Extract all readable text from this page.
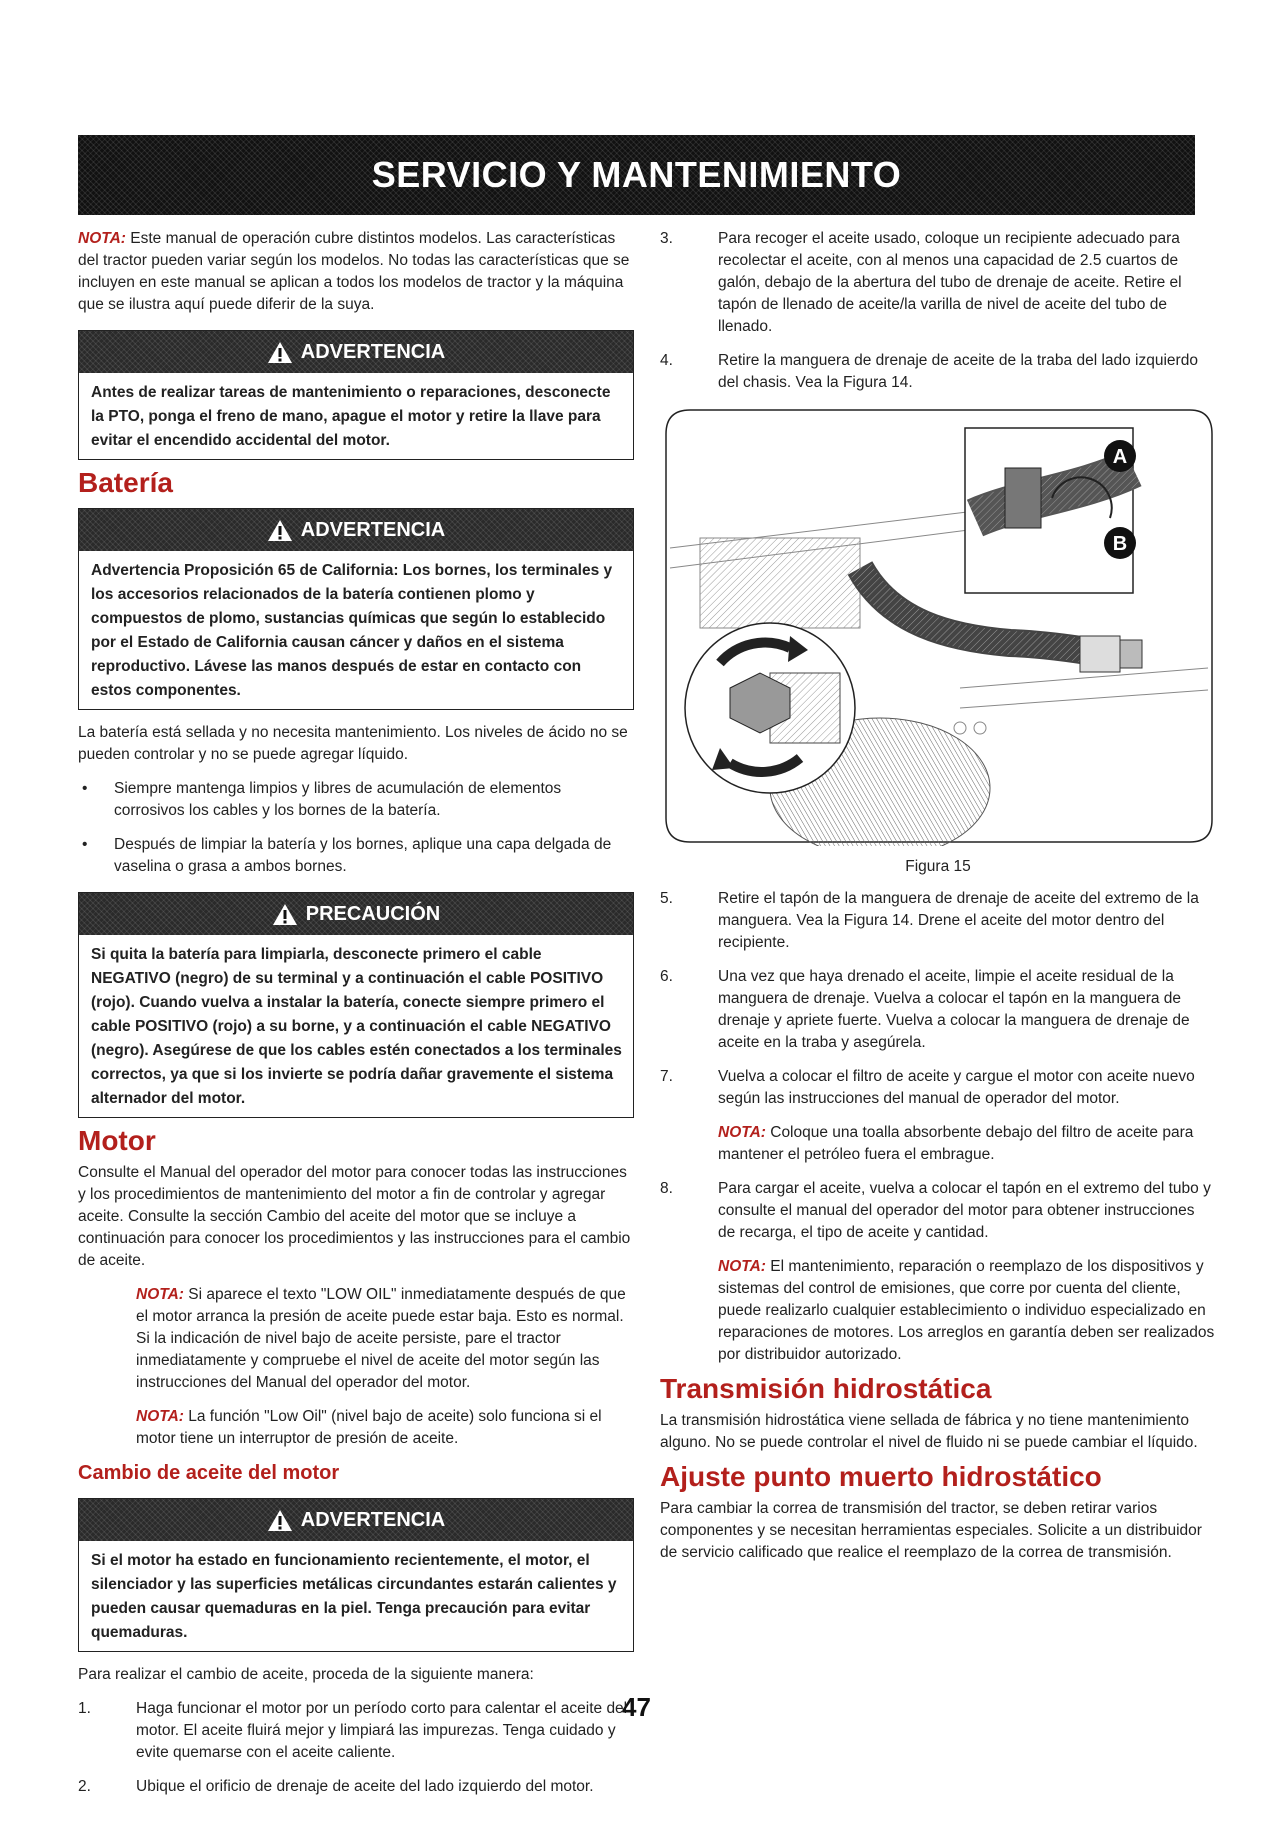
SERVICIO Y MANTENIMIENTO

NOTA: Este manual de operación cubre distintos modelos. Las características del tractor pueden variar según los modelos. No todas las características que se incluyen en este manual se aplican a todos los modelos de tractor y la máquina que se ilustra aquí puede diferir de la suya.

ADVERTENCIA
Antes de realizar tareas de mantenimiento o reparaciones, desconecte la PTO, ponga el freno de mano, apague el motor y retire la llave para evitar el encendido accidental del motor.
Batería
ADVERTENCIA
Advertencia Proposición 65 de California: Los bornes, los terminales y los accesorios relacionados de la batería contienen plomo y compuestos de plomo, sustancias químicas que según lo establecido por el Estado de California causan cáncer y daños en el sistema reproductivo. Lávese las manos después de estar en contacto con estos componentes.

La batería está sellada y no necesita mantenimiento. Los niveles de ácido no se pueden controlar y no se puede agregar líquido.

• Siempre mantenga limpios y libres de acumulación de elementos corrosivos los cables y los bornes de la batería.
• Después de limpiar la batería y los bornes, aplique una capa delgada de vaselina o grasa a ambos bornes.
PRECAUCIÓN
Si quita la batería para limpiarla, desconecte primero el cable NEGATIVO (negro) de su terminal y a continuación el cable POSITIVO (rojo). Cuando vuelva a instalar la batería, conecte siempre primero el cable POSITIVO (rojo) a su borne, y a continuación el cable NEGATIVO (negro). Asegúrese de que los cables estén conectados a los terminales correctos, ya que si los invierte se podría dañar gravemente el sistema alternador del motor.
Motor

Consulte el Manual del operador del motor para conocer todas las instrucciones y los procedimientos de mantenimiento del motor a fin de controlar y agregar aceite. Consulte la sección Cambio del aceite del motor que se incluye a continuación para conocer los procedimientos y las instrucciones para el cambio de aceite.

NOTA: Si aparece el texto "LOW OIL" inmediatamente después de que el motor arranca la presión de aceite puede estar baja. Esto es normal. Si la indicación de nivel bajo de aceite persiste, pare el tractor inmediatamente y compruebe el nivel de aceite del motor según las instrucciones del Manual del operador del motor.

NOTA: La función "Low Oil" (nivel bajo de aceite) solo funciona si el motor tiene un interruptor de presión de aceite.

Cambio de aceite del motor
ADVERTENCIA
Si el motor ha estado en funcionamiento recientemente, el motor, el silenciador y las superficies metálicas circundantes estarán calientes y pueden causar quemaduras en la piel. Tenga precaución para evitar quemaduras.

Para realizar el cambio de aceite, proceda de la siguiente manera:

1.	Haga funcionar el motor por un período corto para calentar el aceite del motor. El aceite fluirá mejor y limpiará las impurezas. Tenga cuidado y evite quemarse con el aceite caliente.
2.	Ubique el orificio de drenaje de aceite del lado izquierdo del motor.
3.	Para recoger el aceite usado, coloque un recipiente adecuado para recolectar el aceite, con al menos una capacidad de 2.5 cuartos de galón, debajo de la abertura del tubo de drenaje de aceite. Retire el tapón de llenado de aceite/la varilla de nivel de aceite del tubo de llenado.
4.	Retire la manguera de drenaje de aceite de la traba del lado izquierdo del chasis. Vea la Figura 14.
A
B
Figura 15
5.	Retire el tapón de la manguera de drenaje de aceite del extremo de la manguera. Vea la Figura 14. Drene el aceite del motor dentro del recipiente.
6.	Una vez que haya drenado el aceite, limpie el aceite residual de la manguera de drenaje. Vuelva a colocar el tapón en la manguera de drenaje y apriete fuerte. Vuelva a colocar la manguera de drenaje de aceite en la traba y asegúrela.
7.	Vuelva a colocar el filtro de aceite y cargue el motor con aceite nuevo según las instrucciones del manual de operador del motor.

NOTA: Coloque una toalla absorbente debajo del filtro de aceite para mantener el petróleo fuera el embrague.

8.	Para cargar el aceite, vuelva a colocar el tapón en el extremo del tubo y consulte el manual del operador del motor para obtener instrucciones de recarga, el tipo de aceite y cantidad.

NOTA: El mantenimiento, reparación o reemplazo de los dispositivos y sistemas del control de emisiones, que corre por cuenta del cliente, puede realizarlo cualquier establecimiento o individuo especializado en reparaciones de motores. Los arreglos en garantía deben ser realizados por distribuidor autorizado.

Transmisión hidrostática

La transmisión hidrostática viene sellada de fábrica y no tiene mantenimiento alguno. No se puede controlar el nivel de fluido ni se puede cambiar el líquido.

Ajuste punto muerto hidrostático

Para cambiar la correa de transmisión del tractor, se deben retirar varios componentes y se necesitan herramientas especiales. Solicite a un distribuidor de servicio calificado que realice el reemplazo de la correa de transmisión.

47
